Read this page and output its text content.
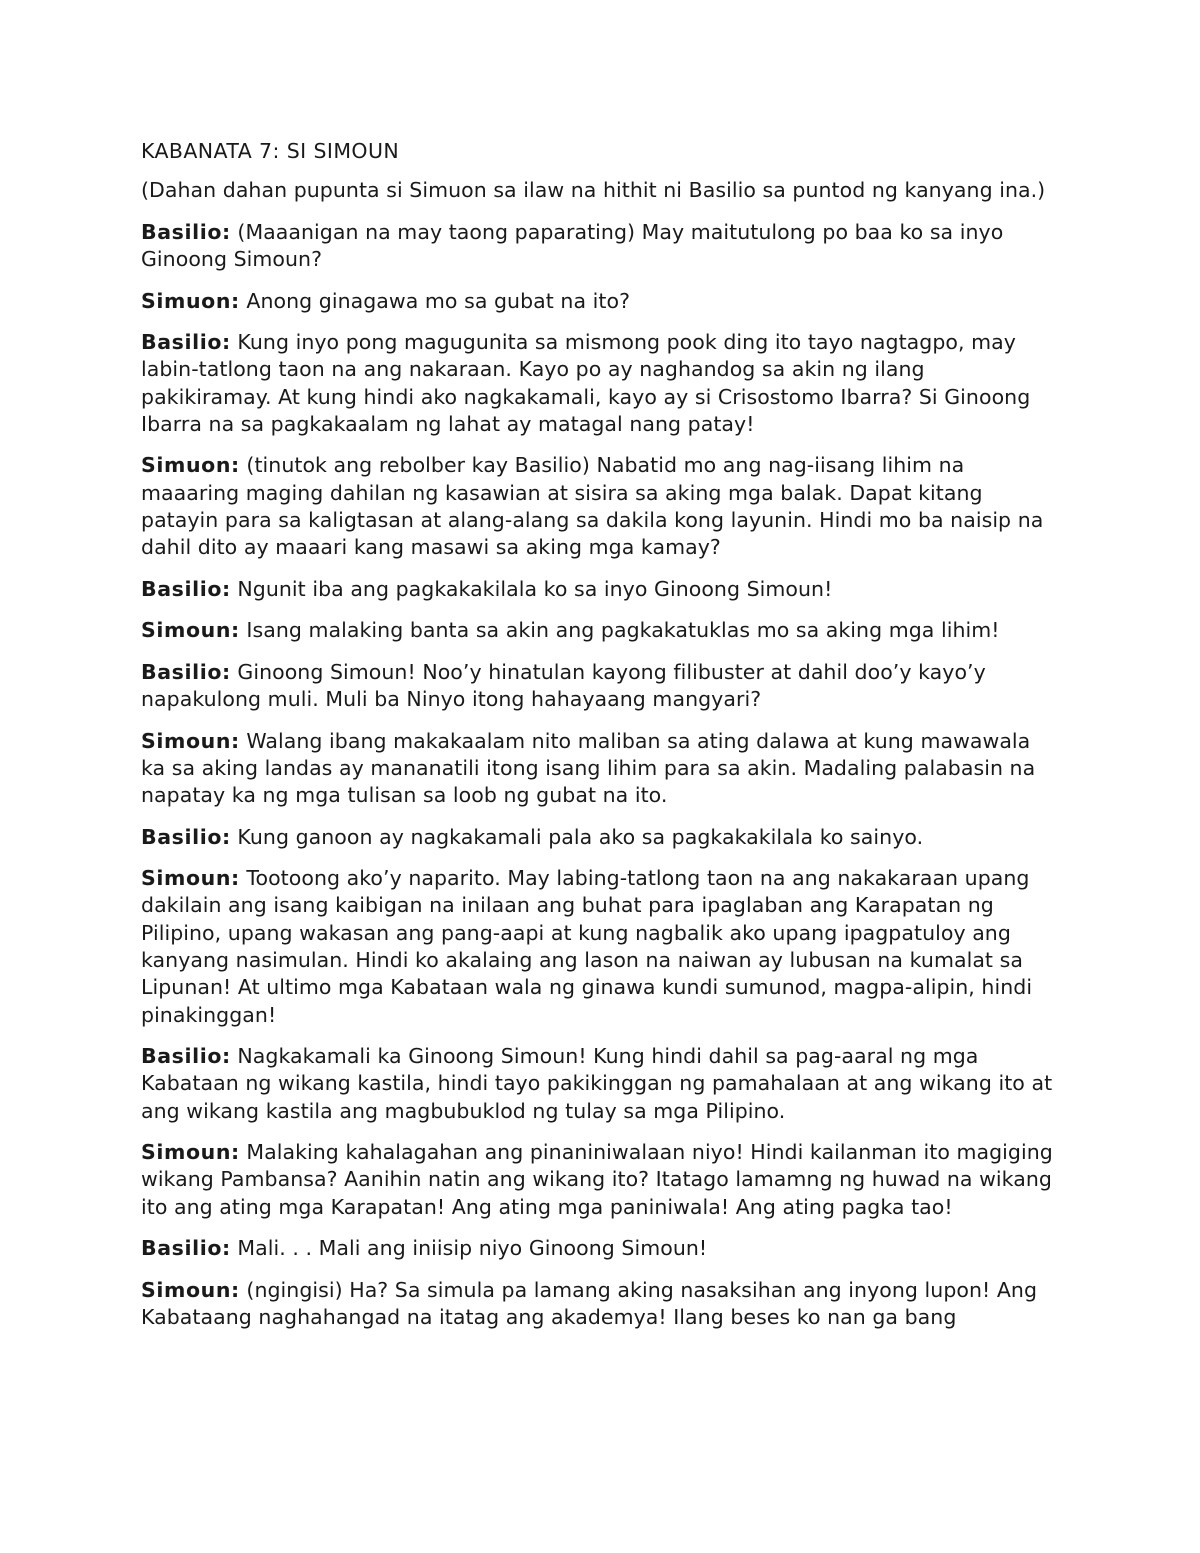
KABANATA 7: SI SIMOUN

(Dahan dahan pupunta si Simuon sa ilaw na hithit ni Basilio sa puntod ng kanyang ina.)

Basilio: (Maaanigan na may taong paparating) May maitutulong po baa ko sa inyo Ginoong Simoun?

Simuon: Anong ginagawa mo sa gubat na ito?

Basilio: Kung inyo pong magugunita sa mismong pook ding ito tayo nagtagpo, may labin-tatlong taon na ang nakaraan. Kayo po ay naghandog sa akin ng ilang pakikiramay. At kung hindi ako nagkakamali, kayo ay si Crisostomo Ibarra? Si Ginoong Ibarra na sa pagkakaalam ng lahat ay matagal nang patay!

Simuon: (tinutok ang rebolber kay Basilio) Nabatid mo ang nag-iisang lihim na maaaring maging dahilan ng kasawian at sisira sa aking mga balak. Dapat kitang patayin para sa kaligtasan at alang-alang sa dakila kong layunin. Hindi mo ba naisip na dahil dito ay maaari kang masawi sa aking mga kamay?

Basilio: Ngunit iba ang pagkakakilala ko sa inyo Ginoong Simoun!

Simoun: Isang malaking banta sa akin ang pagkakatuklas mo sa aking mga lihim!

Basilio: Ginoong Simoun! Noo’y hinatulan kayong filibuster at dahil doo’y kayo’y napakulong muli. Muli ba Ninyo itong hahayaang mangyari?

Simoun: Walang ibang makakaalam nito maliban sa ating dalawa at kung mawawala ka sa aking landas ay mananatili itong isang lihim para sa akin. Madaling palabasin na napatay ka ng mga tulisan sa loob ng gubat na ito.

Basilio: Kung ganoon ay nagkakamali pala ako sa pagkakakilala ko sainyo.

Simoun: Tootoong ako’y naparito. May labing-tatlong taon na ang nakakaraan upang dakilain ang isang kaibigan na inilaan ang buhat para ipaglaban ang Karapatan ng Pilipino, upang wakasan ang pang-aapi at kung nagbalik ako upang ipagpatuloy ang kanyang nasimulan. Hindi ko akalaing ang lason na naiwan ay lubusan na kumalat sa Lipunan! At ultimo mga Kabataan wala ng ginawa kundi sumunod, magpa-alipin, hindi pinakinggan!

Basilio: Nagkakamali ka Ginoong Simoun! Kung hindi dahil sa pag-aaral ng mga Kabataan ng wikang kastila, hindi tayo pakikinggan ng pamahalaan at ang wikang ito at ang wikang kastila ang magbubuklod ng tulay sa mga Pilipino.

Simoun: Malaking kahalagahan ang pinaniniwalaan niyo! Hindi kailanman ito magiging wikang Pambansa? Aanihin natin ang wikang ito? Itatago lamamng ng huwad na wikang ito ang ating mga Karapatan! Ang ating mga paniniwala! Ang ating pagka tao!

Basilio: Mali. . . Mali ang iniisip niyo Ginoong Simoun!

Simoun: (ngingisi) Ha? Sa simula pa lamang aking nasaksihan ang inyong lupon! Ang Kabataang naghahangad na itatag ang akademya! Ilang beses ko nan ga bang
